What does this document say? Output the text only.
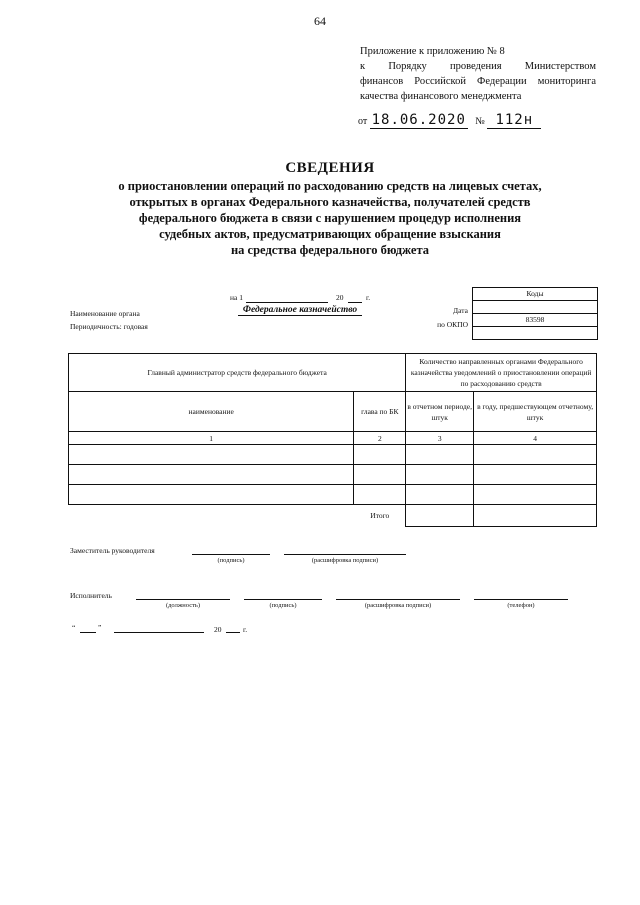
64
Приложение к приложению № 8
к Порядку проведения Министерством
финансов Российской Федерации мониторинга
качества финансового менеджмента
от 18.06.2020 № 112н
СВЕДЕНИЯ
о приостановлении операций по расходованию средств на лицевых счетах,
открытых в органах Федерального казначейства, получателей средств
федерального бюджета в связи с нарушением процедур исполнения
судебных актов, предусматривающих обращение взыскания
на средства федерального бюджета
на 1	20	г.
Наименование органа	Федеральное казначейство
Периодичность: годовая
Дата
по ОКПО
Коды
83598
Главный администратор средств федерального бюджета		Количество направленных органами Федерального казначейства уведомлений о приостановлении операций по расходованию средств	
наименование	глава по БК	в отчетном периоде, штук	в году, предшествующем отчетному, штук
1	2	3	4

Итого			
Заместитель руководителя
(подпись)	(расшифровка подписи)
Исполнитель
(должность)	(подпись)	(расшифровка подписи)	(телефон)
“	”	20	г.
